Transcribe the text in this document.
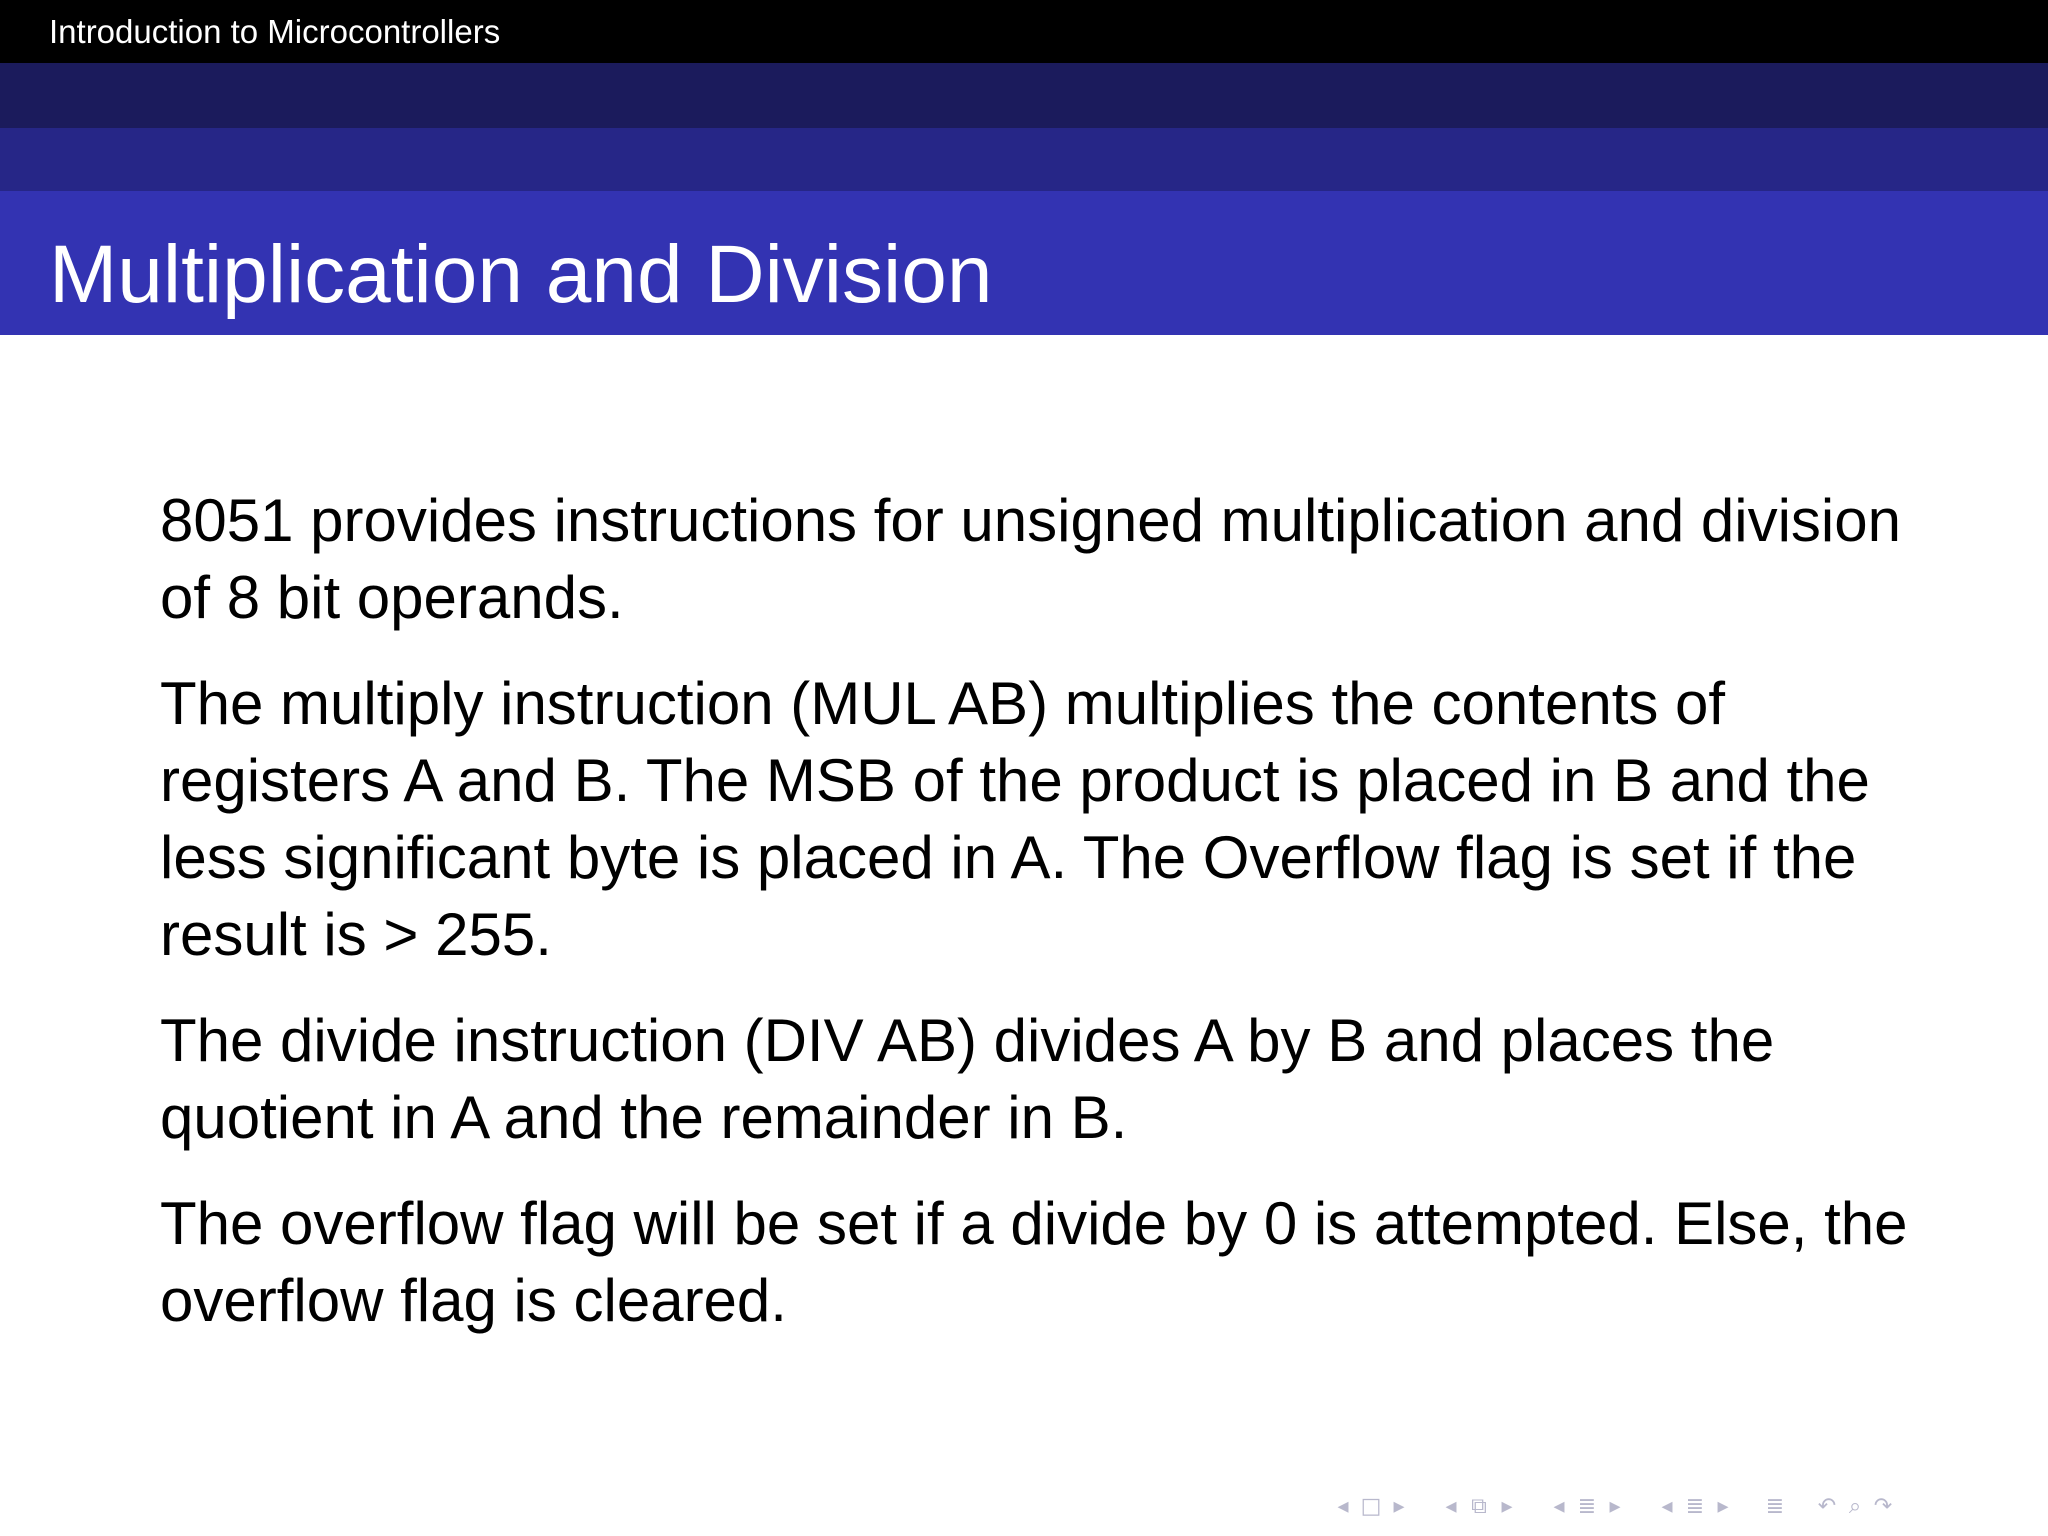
Introduction to Microcontrollers
Multiplication and Division

8051 provides instructions for unsigned multiplication and division of 8 bit operands.

The multiply instruction (MUL AB) multiplies the contents of registers A and B. The MSB of the product is placed in B and the less significant byte is placed in A. The Overflow flag is set if the result is > 255.

The divide instruction (DIV AB) divides A by B and places the quotient in A and the remainder in B.

The overflow flag will be set if a divide by 0 is attempted. Else, the overflow flag is cleared.

◂ □ ▸ ◂ ⧉ ▸ ◂ ≣ ▸ ◂ ≣ ▸ ≣ ↶ ⌕ ↷
